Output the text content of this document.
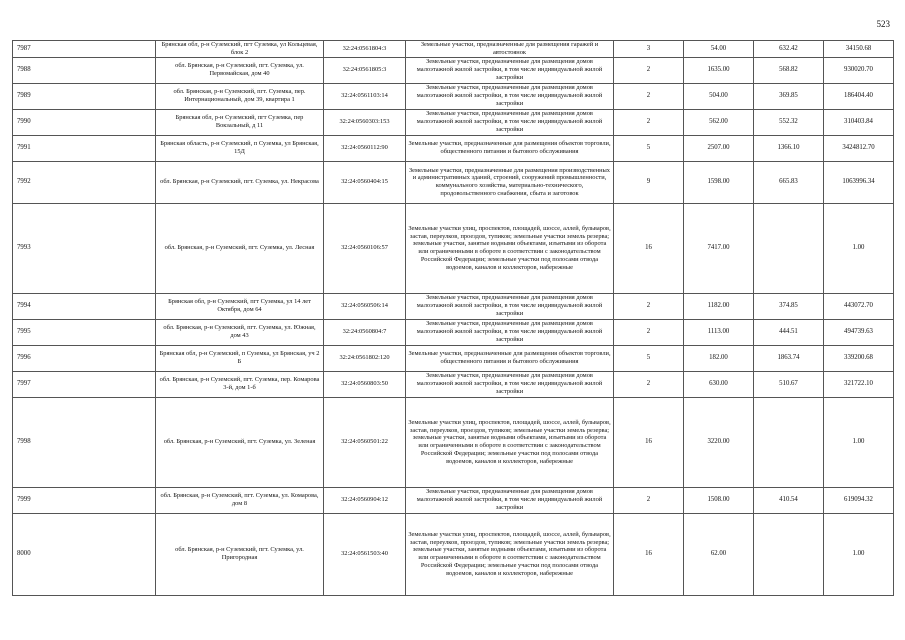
523
7987	Брянская обл, р-н Суземский, пгт Суземка, ул Кольцевая, блок 2	32:24:0561804:3	Земельные участки, предназначенные для размещения гаражей и автостоянок	3	54.00	632.42	34150.68
7988	обл. Брянская, р-н Суземский, пгт. Суземка, ул. Первомайская, дом 40	32:24:0561805:3	Земельные участки, предназначенные для размещения домов малоэтажной жилой застройки, в том числе индивидуальной жилой застройки	2	1635.00	568.82	930020.70
7989	обл. Брянская, р-н Суземский, пгт. Суземка, пер. Интернациональный, дом 39, квартира 1	32:24:0561103:14	Земельные участки, предназначенные для размещения домов малоэтажной жилой застройки, в том числе индивидуальной жилой застройки	2	504.00	369.85	186404.40
7990	Брянская обл, р-н Суземский, пгт Суземка, пер Вокзальный, д 11	32:24:0560303:153	Земельные участки, предназначенные для размещения домов малоэтажной жилой застройки, в том числе индивидуальной жилой застройки	2	562.00	552.32	310403.84
7991	Брянская область, р-н Суземский, п Суземка, ул Брянская, 15Д	32:24:0560112:90	Земельные участки, предназначенные для размещения объектов торговли, общественного питания и бытового обслуживания	5	2507.00	1366.10	3424812.70
7992	обл. Брянская, р-н Суземский, пгт. Суземка, ул. Некрасова	32:24:0560404:15	Земельные участки, предназначенные для размещения производственных и административных зданий, строений, сооружений промышленности, коммунального хозяйства, материально-технического, продовольственного снабжения, сбыта и заготовок	9	1598.00	665.83	1063996.34
7993	обл. Брянская, р-н Суземский, пгт. Суземка, ул. Лесная	32:24:0560106:57	Земельные участки улиц, проспектов, площадей, шоссе, аллей, бульваров, застав, переулков, проездов, тупиков; земельные участки земель резерва; земельные участки, занятые водными объектами, изъятыми из оборота или ограниченными в обороте в соответствии с законодательством Российской Федерации; земельные участки под полосами отвода водоемов, каналов и коллекторов, набережные	16	7417.00		1.00
7994	Брянская обл, р-н Суземский, пгт Суземка, ул 14 лет Октября, дом 64	32:24:0560506:14	Земельные участки, предназначенные для размещения домов малоэтажной жилой застройки, в том числе индивидуальной жилой застройки	2	1182.00	374.85	443072.70
7995	обл. Брянская, р-н Суземский, пгт. Суземка, ул. Южная, дом 43	32:24:0560804:7	Земельные участки, предназначенные для размещения домов малоэтажной жилой застройки, в том числе индивидуальной жилой застройки	2	1113.00	444.51	494739.63
7996	Брянская обл, р-н Суземский, п Суземка, ул Брянская, уч 2 Б	32:24:0561802:120	Земельные участки, предназначенные для размещения объектов торговли, общественного питания и бытового обслуживания	5	182.00	1863.74	339200.68
7997	обл. Брянская, р-н Суземский, пгт. Суземка, пер. Комарова 3-й, дом 1-б	32:24:0560803:50	Земельные участки, предназначенные для размещения домов малоэтажной жилой застройки, в том числе индивидуальной жилой застройки	2	630.00	510.67	321722.10
7998	обл. Брянская, р-н Суземский, пгт. Суземка, ул. Зеленая	32:24:0560501:22	Земельные участки улиц, проспектов, площадей, шоссе, аллей, бульваров, застав, переулков, проездов, тупиков; земельные участки земель резерва; земельные участки, занятые водными объектами, изъятыми из оборота или ограниченными в обороте в соответствии с законодательством Российской Федерации; земельные участки под полосами отвода водоемов, каналов и коллекторов, набережные	16	3220.00		1.00
7999	обл. Брянская, р-н Суземский, пгт. Суземка, ул. Комарова, дом 8	32:24:0560904:12	Земельные участки, предназначенные для размещения домов малоэтажной жилой застройки, в том числе индивидуальной жилой застройки	2	1508.00	410.54	619094.32
8000	обл. Брянская, р-н Суземский, пгт. Суземка, ул. Пригородная	32:24:0561503:40	Земельные участки улиц, проспектов, площадей, шоссе, аллей, бульваров, застав, переулков, проездов, тупиков; земельные участки земель резерва; земельные участки, занятые водными объектами, изъятыми из оборота или ограниченными в обороте в соответствии с законодательством Российской Федерации; земельные участки под полосами отвода водоемов, каналов и коллекторов, набережные	16	62.00		1.00
